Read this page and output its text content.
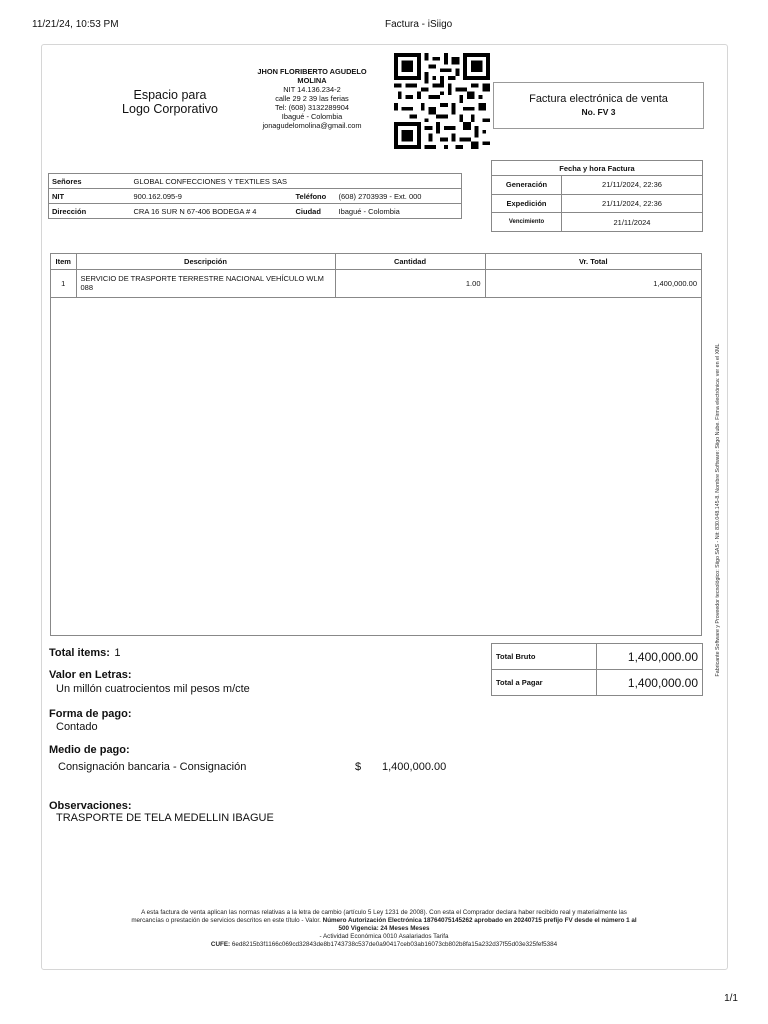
11/21/24, 10:53 PM	Factura - iSiigo
1/1
Espacio para
Logo Corporativo
JHON FLORIBERTO AGUDELO
MOLINA
NIT 14.136.234-2
calle 29 2 39 las ferias
Tel: (608) 3132289904
Ibagué - Colombia
jonagudelomolina@gmail.com
Factura electrónica de venta
No. FV 3
Señores	GLOBAL CONFECCIONES Y TEXTILES SAS		
NIT	900.162.095-9	Teléfono	(608) 2703939 - Ext. 000
Dirección	CRA 16 SUR N 67-406 BODEGA # 4	Ciudad	Ibagué - Colombia
Fecha y hora Factura	
Generación	21/11/2024, 22:36
Expedición	21/11/2024, 22:36
Vencimiento	21/11/2024
Item	Descripción	Cantidad	Vr. Total
1	SERVICIO DE TRASPORTE TERRESTRE NACIONAL VEHÍCULO WLM 088	1.00	1,400,000.00
Fabricante Software y Proveedor tecnológico: Siigo SAS - Nit: 830.048.145-8. Nombre Software: Siigo Nube. Firma electrónica: ver en el XML
Total items: 1
Valor en Letras:
Un millón cuatrocientos mil pesos m/cte
Forma de pago:
Contado
Medio de pago:
Consignación bancaria - Consignación	$ 1,400,000.00
Observaciones:
TRASPORTE DE TELA MEDELLIN IBAGUE
Total Bruto	1,400,000.00
Total a Pagar	1,400,000.00
A esta factura de venta aplican las normas relativas a la letra de cambio (artículo 5 Ley 1231 de 2008). Con esta el Comprador declara haber recibido real y materialmente las
mercancías o prestación de servicios descritos en este título - Valor. Número Autorización Electrónica 18764075145262 aprobado en 20240715 prefijo FV desde el número 1 al
500 Vigencia: 24 Meses Meses
- Actividad Económica 0010 Asalariados Tarifa
CUFE: 6ed8215b3f1166c069cd32843de8b1743738c537de0a90417ceb03ab16073cb802b8fa15a232d37f55d03e325fef5384
